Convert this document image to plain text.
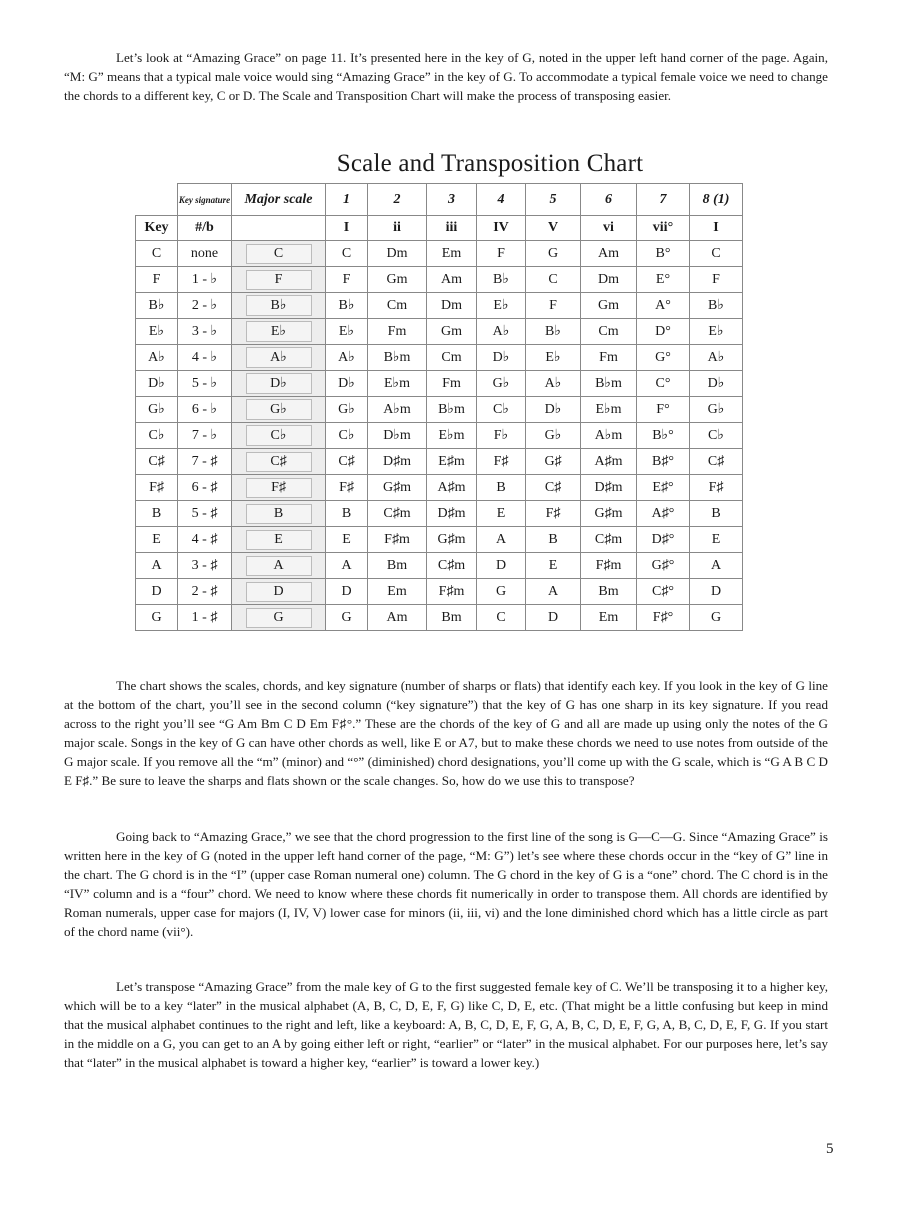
Let’s look at “Amazing Grace” on page 11. It’s presented here in the key of G, noted in the upper left hand corner of the page. Again, “M: G” means that a typical male voice would sing “Amazing Grace” in the key of G. To accommodate a typical female voice we need to change the chords to a different key, C or D. The Scale and Transposition Chart will make the process of transposing easier.

Scale and Transposition Chart
	Key signature	Major scale	1	2	3	4	5	6	7	8 (1)
Key	#/b		I	ii	iii	IV	V	vi	vii°	I
C	none	C	C	Dm	Em	F	G	Am	B°	C
F	1 - ♭	F	F	Gm	Am	B♭	C	Dm	E°	F
B♭	2 - ♭	B♭	B♭	Cm	Dm	E♭	F	Gm	A°	B♭
E♭	3 - ♭	E♭	E♭	Fm	Gm	A♭	B♭	Cm	D°	E♭
A♭	4 - ♭	A♭	A♭	B♭m	Cm	D♭	E♭	Fm	G°	A♭
D♭	5 - ♭	D♭	D♭	E♭m	Fm	G♭	A♭	B♭m	C°	D♭
G♭	6 - ♭	G♭	G♭	A♭m	B♭m	C♭	D♭	E♭m	F°	G♭
C♭	7 - ♭	C♭	C♭	D♭m	E♭m	F♭	G♭	A♭m	B♭°	C♭
C♯	7 - ♯	C♯	C♯	D♯m	E♯m	F♯	G♯	A♯m	B♯°	C♯
F♯	6 - ♯	F♯	F♯	G♯m	A♯m	B	C♯	D♯m	E♯°	F♯
B	5 - ♯	B	B	C♯m	D♯m	E	F♯	G♯m	A♯°	B
E	4 - ♯	E	E	F♯m	G♯m	A	B	C♯m	D♯°	E
A	3 - ♯	A	A	Bm	C♯m	D	E	F♯m	G♯°	A
D	2 - ♯	D	D	Em	F♯m	G	A	Bm	C♯°	D
G	1 - ♯	G	G	Am	Bm	C	D	Em	F♯°	G

The chart shows the scales, chords, and key signature (number of sharps or flats) that identify each key. If you look in the key of G line at the bottom of the chart, you’ll see in the second column (“key signature”) that the key of G has one sharp in its key signature. If you read across to the right you’ll see “G Am Bm C D Em F♯°.” These are the chords of the key of G and all are made up using only the notes of the G major scale. Songs in the key of G can have other chords as well, like E or A7, but to make these chords we need to use notes from outside of the G major scale. If you remove all the “m” (minor) and “°” (diminished) chord designations, you’ll come up with the G scale, which is “G A B C D E F♯.” Be sure to leave the sharps and flats shown or the scale changes. So, how do we use this to transpose?

Going back to “Amazing Grace,” we see that the chord progression to the first line of the song is G—C—G. Since “Amazing Grace” is written here in the key of G (noted in the upper left hand corner of the page, “M: G”) let’s see where these chords occur in the “key of G” line in the chart. The G chord is in the “I” (upper case Roman numeral one) column. The G chord in the key of G is a “one” chord. The C chord is in the “IV” column and is a “four” chord. We need to know where these chords fit numerically in order to transpose them. All chords are identified by Roman numerals, upper case for majors (I, IV, V) lower case for minors (ii, iii, vi) and the lone diminished chord which has a little circle as part of the chord name (vii°).

Let’s transpose “Amazing Grace” from the male key of G to the first suggested female key of C. We’ll be transposing it to a higher key, which will be to a key “later” in the musical alphabet (A, B, C, D, E, F, G) like C, D, E, etc. (That might be a little confusing but keep in mind that the musical alphabet continues to the right and left, like a keyboard: A, B, C, D, E, F, G, A, B, C, D, E, F, G, A, B, C, D, E, F, G. If you start in the middle on a G, you can get to an A by going either left or right, “earlier” or “later” in the musical alphabet. For our purposes here, let’s say that “later” in the musical alphabet is toward a higher key, “earlier” is toward a lower key.)

5
